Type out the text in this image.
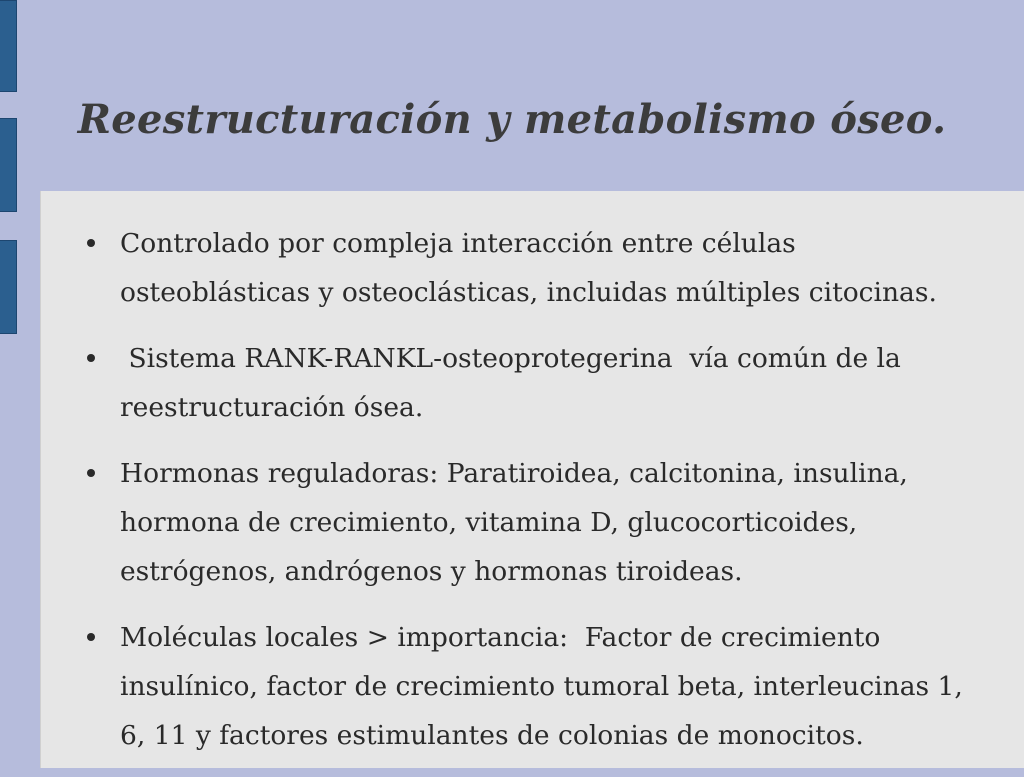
Reestructuración y metabolismo óseo.
Controlado por compleja interacción entre células osteoblásticas y osteoclásticas, incluidas múltiples citocinas.
Sistema RANK-RANKL-osteoprotegerina  vía común de la reestructuración ósea.
Hormonas reguladoras: Paratiroidea, calcitonina, insulina, hormona de crecimiento, vitamina D, glucocorticoides, estrógenos, andrógenos y hormonas tiroideas.
Moléculas locales > importancia:  Factor de crecimiento insulínico, factor de crecimiento tumoral beta, interleucinas 1, 6, 11 y factores estimulantes de colonias de monocitos.
